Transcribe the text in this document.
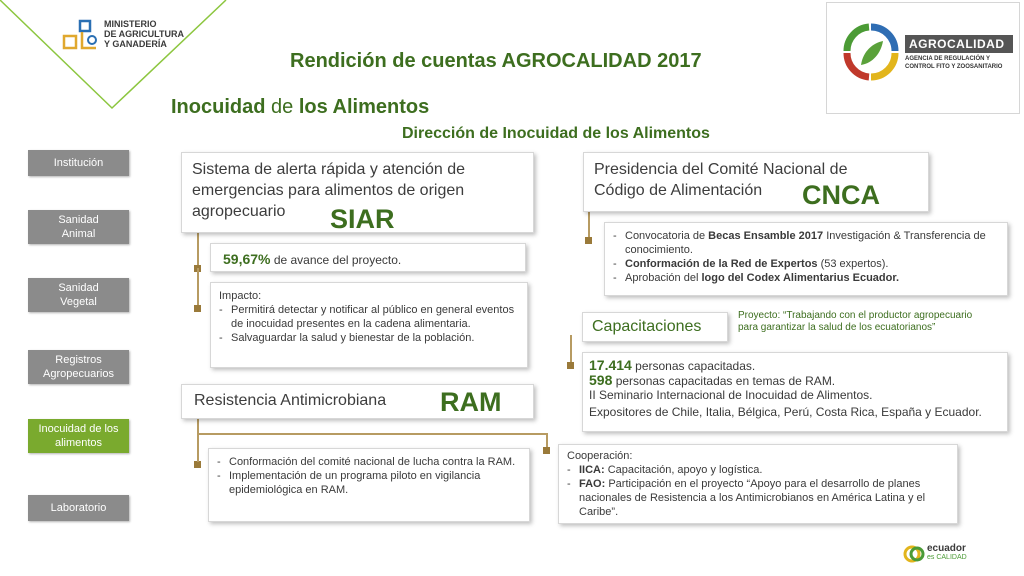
MINISTERIO
DE AGRICULTURA
Y GANADERÍA
Rendición de cuentas AGROCALIDAD 2017
AGROCALIDAD
AGENCIA DE REGULACIÓN Y
CONTROL FITO Y ZOOSANITARIO
Inocuidad de los Alimentos
Dirección de Inocuidad de los Alimentos
Institución
Sanidad Animal
Sanidad Vegetal
Registros Agropecuarios
Inocuidad de los alimentos
Laboratorio
Sistema de alerta rápida y atención de emergencias para alimentos de origen agropecuario	SIAR
59,67% de avance del proyecto.
Impacto:
- Permitirá detectar y notificar al público en general eventos de inocuidad presentes en la cadena alimentaria.
- Salvaguardar la salud y bienestar de la población.
Resistencia Antimicrobiana	RAM
- Conformación del comité nacional de lucha contra la RAM.
- Implementación de un programa piloto en vigilancia epidemiológica en RAM.
Presidencia del Comité Nacional de Código de Alimentación	CNCA
- Convocatoria de Becas Ensamble 2017 Investigación & Transferencia de conocimiento.
- Conformación de la Red de Expertos (53 expertos).
- Aprobación del logo del Codex Alimentarius Ecuador.
Capacitaciones
Proyecto: “Trabajando con el productor agropecuario para garantizar la salud de los ecuatorianos”
17.414 personas capacitadas.
598 personas capacitadas en temas de RAM.
II Seminario Internacional de Inocuidad de Alimentos.
Expositores de Chile, Italia, Bélgica, Perú, Costa Rica, España y Ecuador.
Cooperación:
- IICA: Capacitación, apoyo y logística.
- FAO: Participación en el proyecto “Apoyo para el desarrollo de planes nacionales de Resistencia a los Antimicrobianos en América Latina y el Caribe”.
ecuador
es CALIDAD
